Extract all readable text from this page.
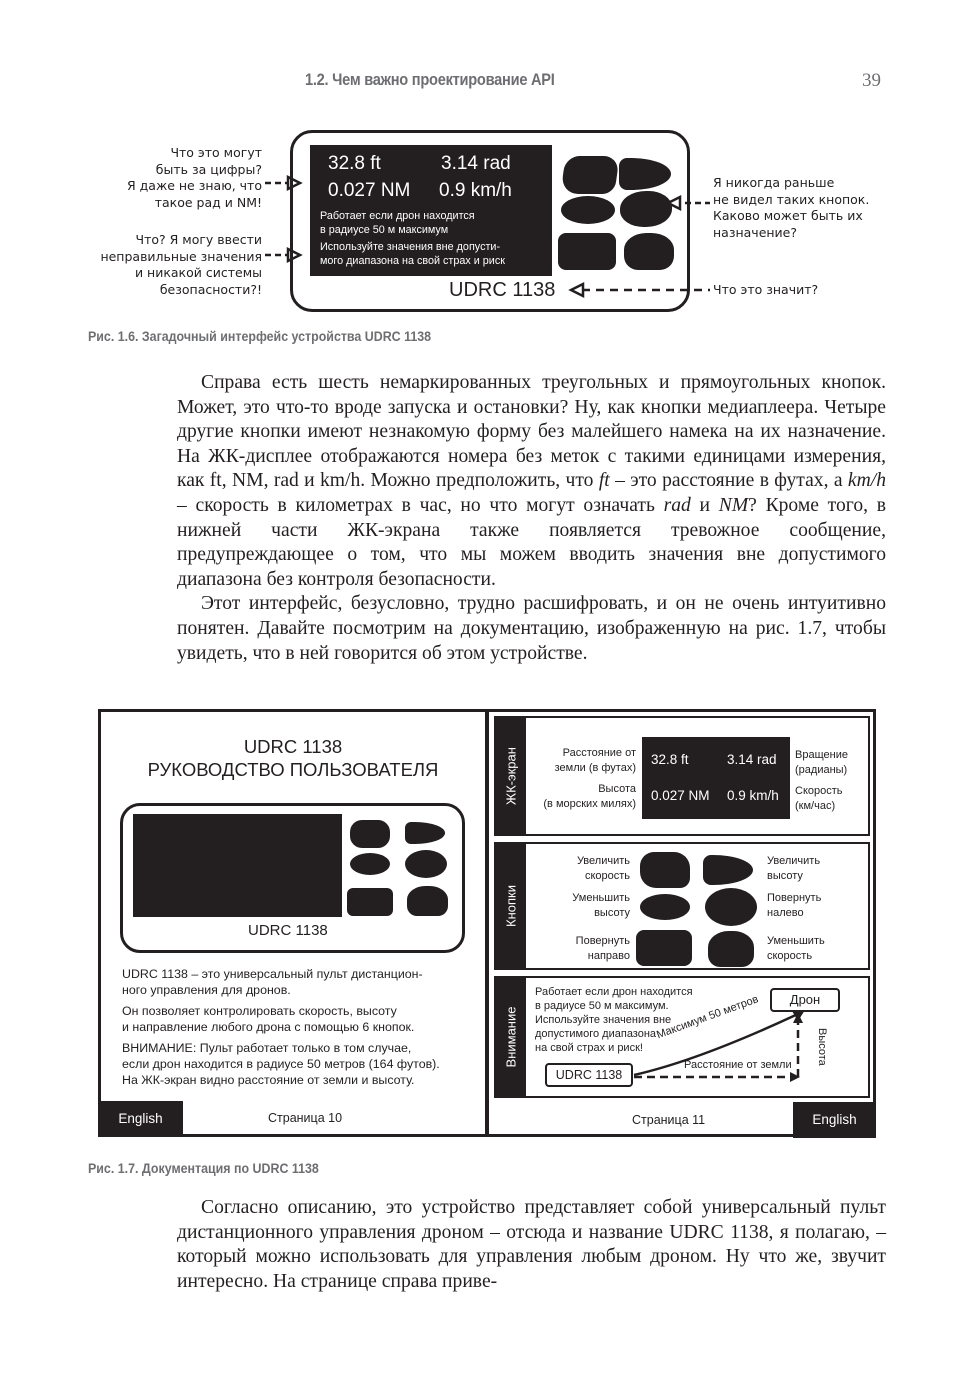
1.2. Чем важно проектирование API	39
Что это могут
быть за цифры?
Я даже не знаю, что
такое рад и NM!
Что? Я могу ввести
неправильные значения
и никакой системы
безопасности?!
32.8 ft	3.14 rad
0.027 NM 0.9 km/h
Работает если дрон находится
в радиусе 50 м максимум
Используйте значения вне допусти-
мого диапазона на свой страх и риск
UDRC 1138
Я никогда раньше
не видел таких кнопок.
Каково может быть их
назначение?
Что это значит?
Рис. 1.6. Загадочный интерфейс устройства UDRC 1138

Справа есть шесть немаркированных треугольных и прямоугольных кнопок. Может, это что-то вроде запуска и остановки? Ну, как кнопки медиаплеера. Четыре другие кнопки имеют незнакомую форму без малейшего намека на их назначение. На ЖК-дисплее отображаются номера без меток с такими единицами измерения, как ft, NM, rad и km/h. Можно предположить, что ft – это расстояние в футах, а km/h – скорость в километрах в час, но что могут означать rad и NM? Кроме того, в нижней части ЖК-экрана также появляется тревожное сообщение, предупреждающее о том, что мы можем вводить значения вне допустимого диапазона без контроля безопасности.

Этот интерфейс, безусловно, трудно расшифровать, и он не очень интуитивно понятен. Давайте посмотрим на документацию, изображенную на рис. 1.7, чтобы увидеть, что в ней говорится об этом устройстве.

UDRC 1138
РУКОВОДСТВО ПОЛЬЗОВАТЕЛЯ
UDRC 1138
UDRC 1138 – это универсальный пульт дистанцион-
ного управления для дронов.
Он позволяет контролировать скорость, высоту
и направление любого дрона с помощью 6 кнопок.
ВНИМАНИЕ: Пульт работает только в том случае,
если дрон находится в радиусе 50 метров (164 футов).
На ЖК-экран видно расстояние от земли и высоту.
English	Страница 10
ЖК-экран	Расстояние от
земли (в футах)
Высота
(в морских милях)
32.8 ft	3.14 rad
0.027 NM 0.9 km/h
Вращение
(радианы)
Скорость
(км/час)
Кнопки
Увеличить
скорость
Уменьшить
высоту
Повернуть
направо
Увеличить
высоту
Повернуть
налево
Уменьшить
скорость
Внимание
Работает если дрон находится
в радиусе 50 м максимум.
Используйте значения вне
допустимого диапазона
на свой страх и риск!
Дрон
UDRC 1138
Максимум 50 метров
Расстояние от земли Высота
Страница 11	English
Рис. 1.7. Документация по UDRC 1138

Согласно описанию, это устройство представляет собой универсальный пульт дистанционного управления дроном – отсюда и название UDRC 1138, я полагаю, – который можно использовать для управления любым дроном. Ну что же, звучит интересно. На странице справа приве-
